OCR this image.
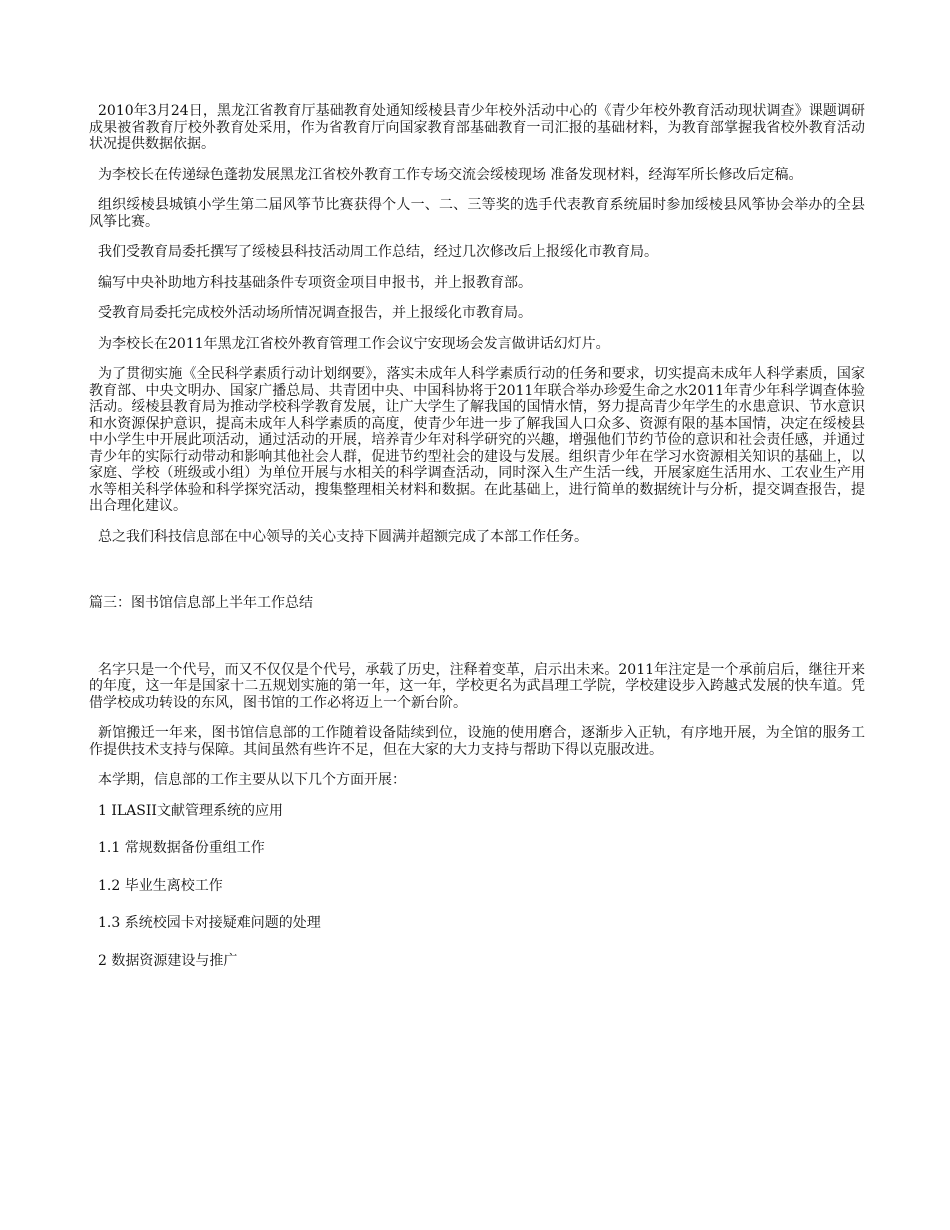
2010年3月24日，黑龙江省教育厅基础教育处通知绥棱县青少年校外活动中心的《青少年校外教育活动现状调查》课题调研成果被省教育厅校外教育处采用，作为省教育厅向国家教育部基础教育一司汇报的基础材料，为教育部掌握我省校外教育活动状况提供数据依据。

为李校长在传递绿色蓬勃发展黑龙江省校外教育工作专场交流会绥棱现场 准备发现材料，经海军所长修改后定稿。

组织绥棱县城镇小学生第二届风筝节比赛获得个人一、二、三等奖的选手代表教育系统届时参加绥棱县风筝协会举办的全县风筝比赛。

我们受教育局委托撰写了绥棱县科技活动周工作总结，经过几次修改后上报绥化市教育局。

编写中央补助地方科技基础条件专项资金项目申报书，并上报教育部。

受教育局委托完成校外活动场所情况调查报告，并上报绥化市教育局。

为李校长在2011年黑龙江省校外教育管理工作会议宁安现场会发言做讲话幻灯片。

为了贯彻实施《全民科学素质行动计划纲要》，落实未成年人科学素质行动的任务和要求，切实提高未成年人科学素质，国家教育部、中央文明办、国家广播总局、共青团中央、中国科协将于2011年联合举办珍爱生命之水2011年青少年科学调查体验活动。绥棱县教育局为推动学校科学教育发展，让广大学生了解我国的国情水情，努力提高青少年学生的水患意识、节水意识和水资源保护意识，提高未成年人科学素质的高度，使青少年进一步了解我国人口众多、资源有限的基本国情，决定在绥棱县中小学生中开展此项活动，通过活动的开展，培养青少年对科学研究的兴趣，增强他们节约节俭的意识和社会责任感，并通过青少年的实际行动带动和影响其他社会人群，促进节约型社会的建设与发展。组织青少年在学习水资源相关知识的基础上，以家庭、学校（班级或小组）为单位开展与水相关的科学调查活动，同时深入生产生活一线，开展家庭生活用水、工农业生产用水等相关科学体验和科学探究活动，搜集整理相关材料和数据。在此基础上，进行简单的数据统计与分析，提交调查报告，提出合理化建议。

总之我们科技信息部在中心领导的关心支持下圆满并超额完成了本部工作任务。

篇三：图书馆信息部上半年工作总结

名字只是一个代号，而又不仅仅是个代号，承载了历史，注释着变革，启示出未来。2011年注定是一个承前启后，继往开来的年度，这一年是国家十二五规划实施的第一年，这一年，学校更名为武昌理工学院，学校建设步入跨越式发展的快车道。凭借学校成功转设的东风，图书馆的工作必将迈上一个新台阶。

新馆搬迁一年来，图书馆信息部的工作随着设备陆续到位，设施的使用磨合，逐渐步入正轨，有序地开展，为全馆的服务工作提供技术支持与保障。其间虽然有些许不足，但在大家的大力支持与帮助下得以克服改进。

本学期，信息部的工作主要从以下几个方面开展：

1 ILASII文献管理系统的应用

1.1 常规数据备份重组工作

1.2 毕业生离校工作

1.3 系统校园卡对接疑难问题的处理

2 数据资源建设与推广
